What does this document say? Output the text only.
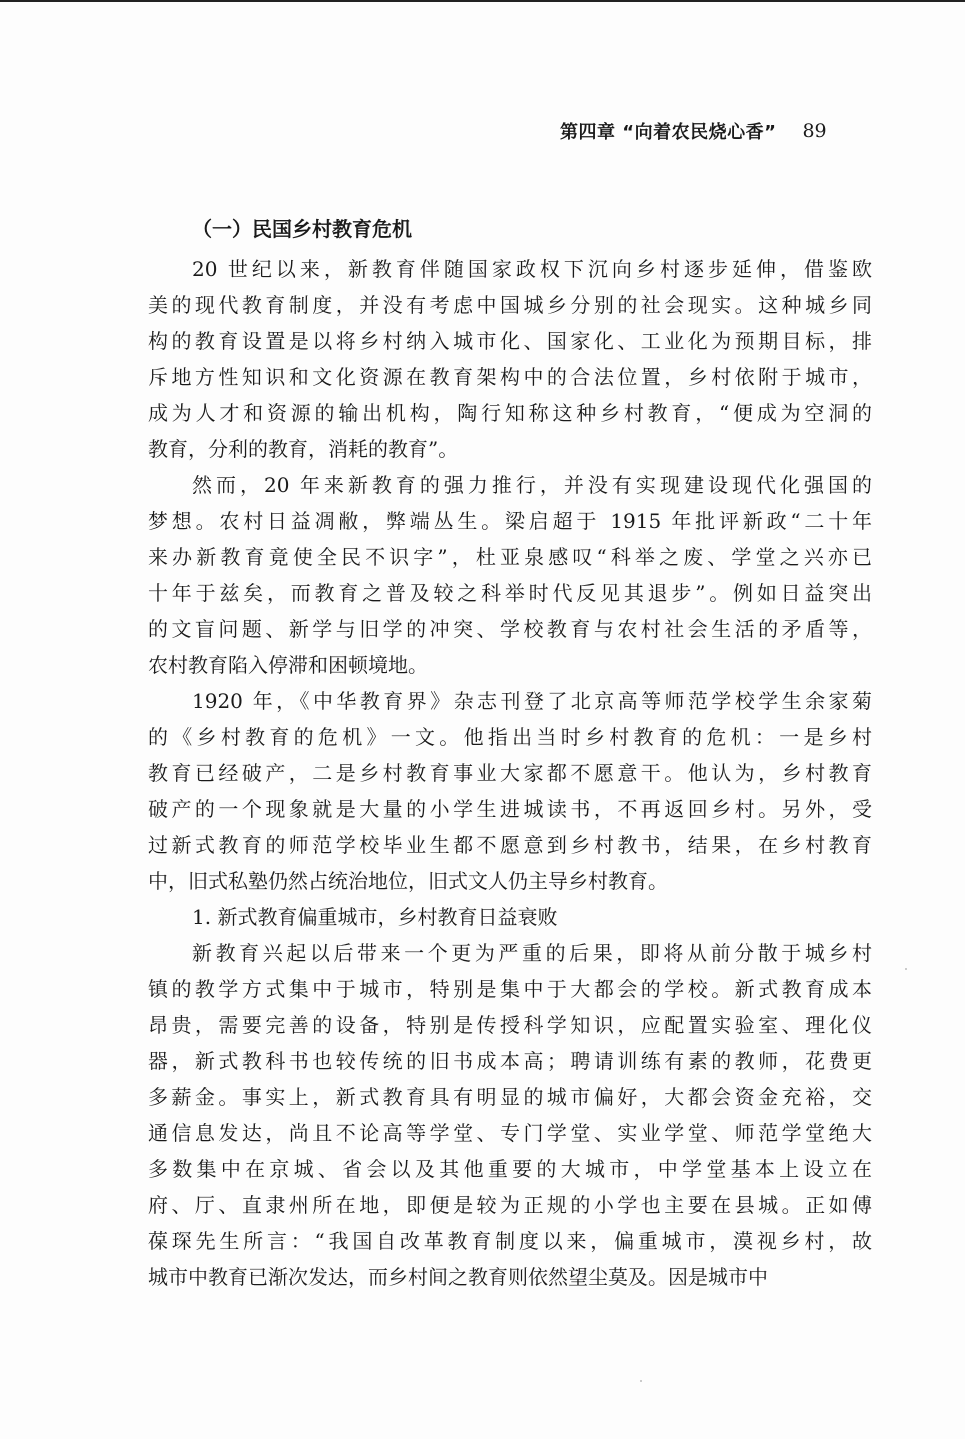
第四章 “向着农民烧心香” 89
（一）民国乡村教育危机
20 世纪以来，新教育伴随国家政权下沉向乡村逐步延伸，借鉴欧
美的现代教育制度，并没有考虑中国城乡分别的社会现实。这种城乡同
构的教育设置是以将乡村纳入城市化、国家化、工业化为预期目标，排
斥地方性知识和文化资源在教育架构中的合法位置，乡村依附于城市，
成为人才和资源的输出机构，陶行知称这种乡村教育，“便成为空洞的
教育，分利的教育，消耗的教育”。
然而，20 年来新教育的强力推行，并没有实现建设现代化强国的
梦想。农村日益凋敝，弊端丛生。梁启超于 1915 年批评新政“二十年
来办新教育竟使全民不识字”，杜亚泉感叹“科举之废、学堂之兴亦已
十年于兹矣，而教育之普及较之科举时代反见其退步”。例如日益突出
的文盲问题、新学与旧学的冲突、学校教育与农村社会生活的矛盾等，
农村教育陷入停滞和困顿境地。
1920 年，《中华教育界》杂志刊登了北京高等师范学校学生余家菊
的《乡村教育的危机》一文。他指出当时乡村教育的危机：一是乡村
教育已经破产，二是乡村教育事业大家都不愿意干。他认为，乡村教育
破产的一个现象就是大量的小学生进城读书，不再返回乡村。另外，受
过新式教育的师范学校毕业生都不愿意到乡村教书，结果，在乡村教育
中，旧式私塾仍然占统治地位，旧式文人仍主导乡村教育。
1. 新式教育偏重城市，乡村教育日益衰败
新教育兴起以后带来一个更为严重的后果，即将从前分散于城乡村
镇的教学方式集中于城市，特别是集中于大都会的学校。新式教育成本
昂贵，需要完善的设备，特别是传授科学知识，应配置实验室、理化仪
器，新式教科书也较传统的旧书成本高；聘请训练有素的教师，花费更
多薪金。事实上，新式教育具有明显的城市偏好，大都会资金充裕，交
通信息发达，尚且不论高等学堂、专门学堂、实业学堂、师范学堂绝大
多数集中在京城、省会以及其他重要的大城市，中学堂基本上设立在
府、厅、直隶州所在地，即便是较为正规的小学也主要在县城。正如傅
葆琛先生所言：“我国自改革教育制度以来，偏重城市，漠视乡村，故
城市中教育已渐次发达，而乡村间之教育则依然望尘莫及。因是城市中
